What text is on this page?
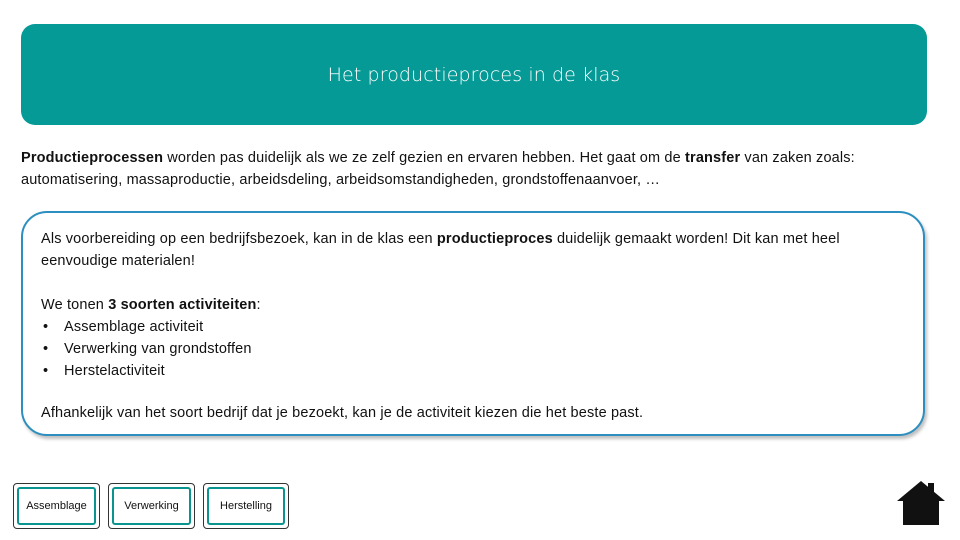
Het productieproces in de klas
Productieprocessen worden pas duidelijk als we ze zelf gezien en ervaren hebben. Het gaat om de transfer van zaken zoals: automatisering, massaproductie, arbeidsdeling, arbeidsomstandigheden, grondstoffenaanvoer, …

Als voorbereiding op een bedrijfsbezoek, kan in de klas een productieproces duidelijk gemaakt worden! Dit kan met heel eenvoudige materialen!

We tonen 3 soorten activiteiten:

• Assemblage activiteit
• Verwerking van grondstoffen
• Herstelactiviteit

Afhankelijk van het soort bedrijf dat je bezoekt, kan je de activiteit kiezen die het beste past.

Assemblage	Verwerking	Herstelling
